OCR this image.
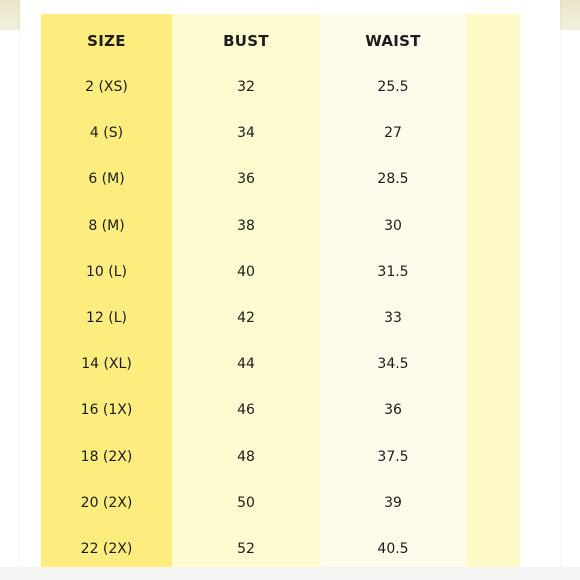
SIZE	BUST	WAIST
2 (XS)	32	25.5
4 (S)	34	27
6 (M)	36	28.5
8 (M)	38	30
10 (L)	40	31.5
12 (L)	42	33
14 (XL)	44	34.5
16 (1X)	46	36
18 (2X)	48	37.5
20 (2X)	50	39
22 (2X)	52	40.5
